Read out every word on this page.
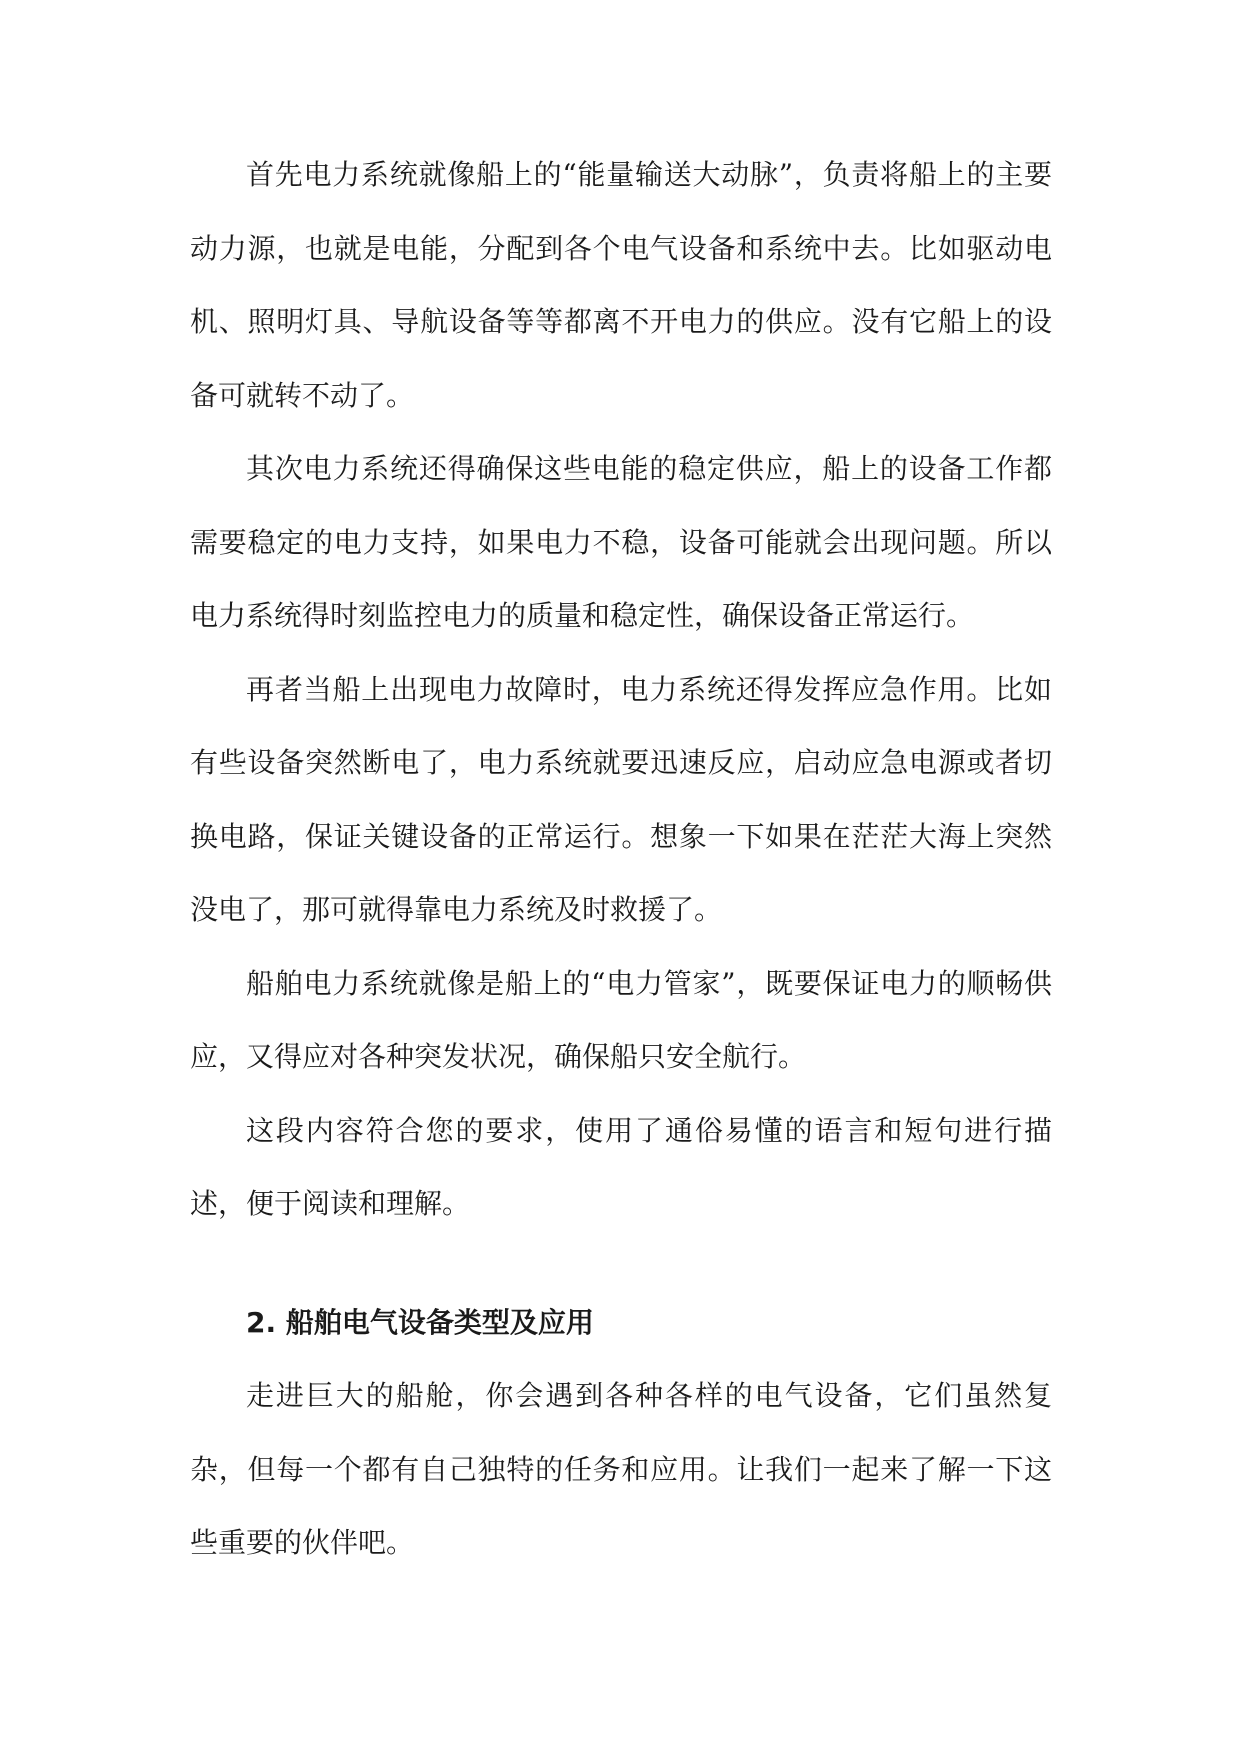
首先电力系统就像船上的“能量输送大动脉”，负责将船上的主要动力源，也就是电能，分配到各个电气设备和系统中去。比如驱动电机、照明灯具、导航设备等等都离不开电力的供应。没有它船上的设备可就转不动了。

其次电力系统还得确保这些电能的稳定供应，船上的设备工作都需要稳定的电力支持，如果电力不稳，设备可能就会出现问题。所以电力系统得时刻监控电力的质量和稳定性，确保设备正常运行。

再者当船上出现电力故障时，电力系统还得发挥应急作用。比如有些设备突然断电了，电力系统就要迅速反应，启动应急电源或者切换电路，保证关键设备的正常运行。想象一下如果在茫茫大海上突然没电了，那可就得靠电力系统及时救援了。

船舶电力系统就像是船上的“电力管家”，既要保证电力的顺畅供应，又得应对各种突发状况，确保船只安全航行。

这段内容符合您的要求，使用了通俗易懂的语言和短句进行描述，便于阅读和理解。

2. 船舶电气设备类型及应用

走进巨大的船舱，你会遇到各种各样的电气设备，它们虽然复杂，但每一个都有自己独特的任务和应用。让我们一起来了解一下这些重要的伙伴吧。
